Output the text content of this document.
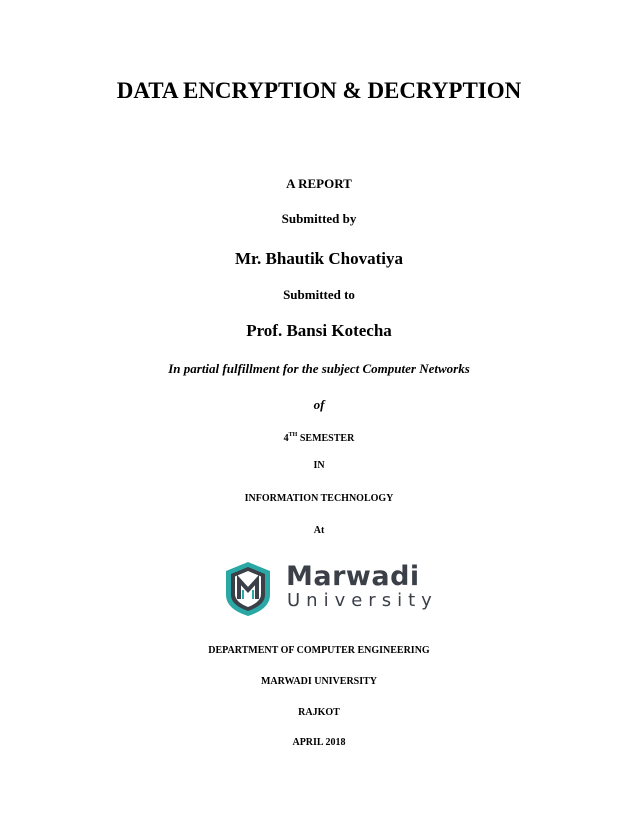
DATA ENCRYPTION & DECRYPTION
A REPORT
Submitted by
Mr. Bhautik Chovatiya
Submitted to
Prof. Bansi Kotecha
In partial fulfillment for the subject Computer Networks
of
4TH SEMESTER
IN
INFORMATION TECHNOLOGY
At
Marwadi
University
DEPARTMENT OF COMPUTER ENGINEERING
MARWADI UNIVERSITY
RAJKOT
APRIL 2018
